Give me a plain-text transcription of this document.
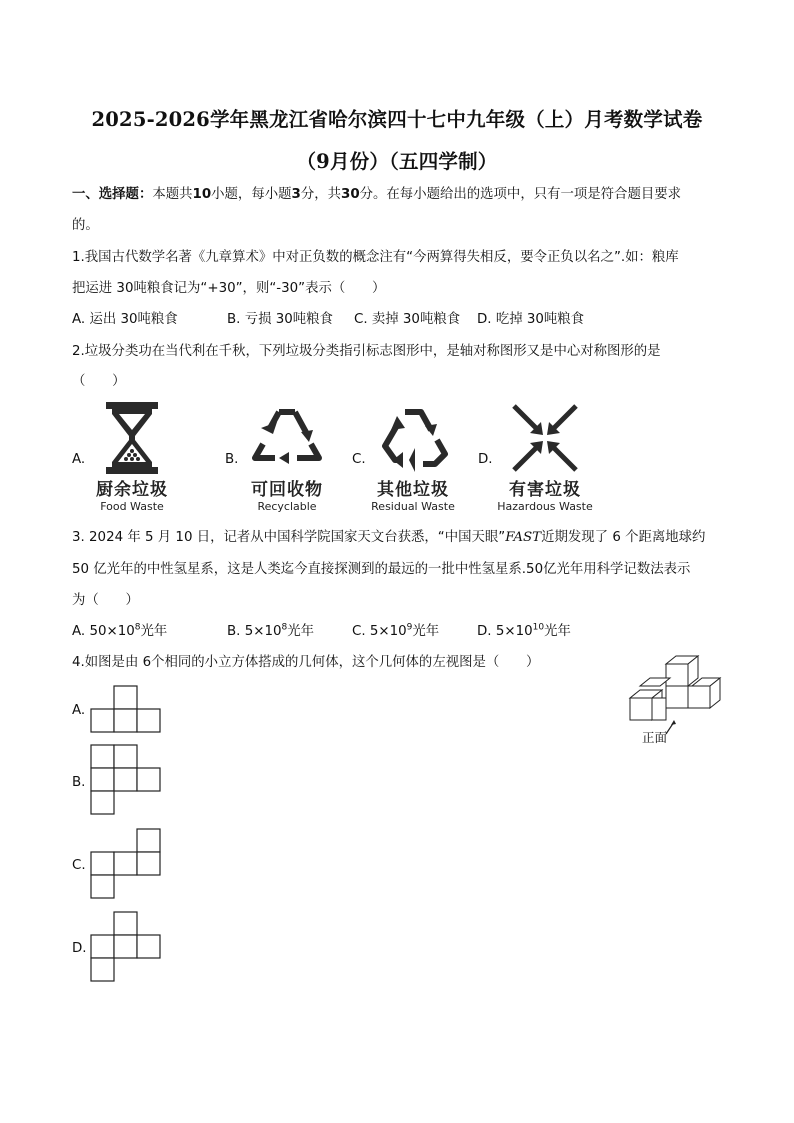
2025-2026学年黑龙江省哈尔滨四十七中九年级（上）月考数学试卷
（9月份）（五四学制）
一、选择题：本题共10小题，每小题3分，共30分。在每小题给出的选项中，只有一项是符合题目要求
的。
1.我国古代数学名著《九章算术》中对正负数的概念注有“今两算得失相反，要令正负以名之”.如：粮库
把运进 30吨粮食记为“+30”，则“-30”表示（　　）
A. 运出 30吨粮食	B. 亏损 30吨粮食 C. 卖掉 30吨粮食 D. 吃掉 30吨粮食
2.垃圾分类功在当代利在千秋，下列垃圾分类指引标志图形中，是轴对称图形又是中心对称图形的是
（　　）
A.	B.	C.	D.
厨余垃圾
Food Waste
可回收物
Recyclable
其他垃圾
Residual Waste
有害垃圾
Hazardous Waste
3. 2024 年 5 月 10 日，记者从中国科学院国家天文台获悉，“中国天眼”FAST近期发现了 6 个距离地球约
50 亿光年的中性氢星系，这是人类迄今直接探测到的最远的一批中性氢星系.50亿光年用科学记数法表示
为（　　）
A. $50\times 10^8$光年	B. $5\times 10^8$光年	C. $5\times 10^9$光年	D. $5\times 10^{10}$光年
4.如图是由 6个相同的小立方体搭成的几何体，这个几何体的左视图是（　　）
正面
A.
B.
C.
D.
